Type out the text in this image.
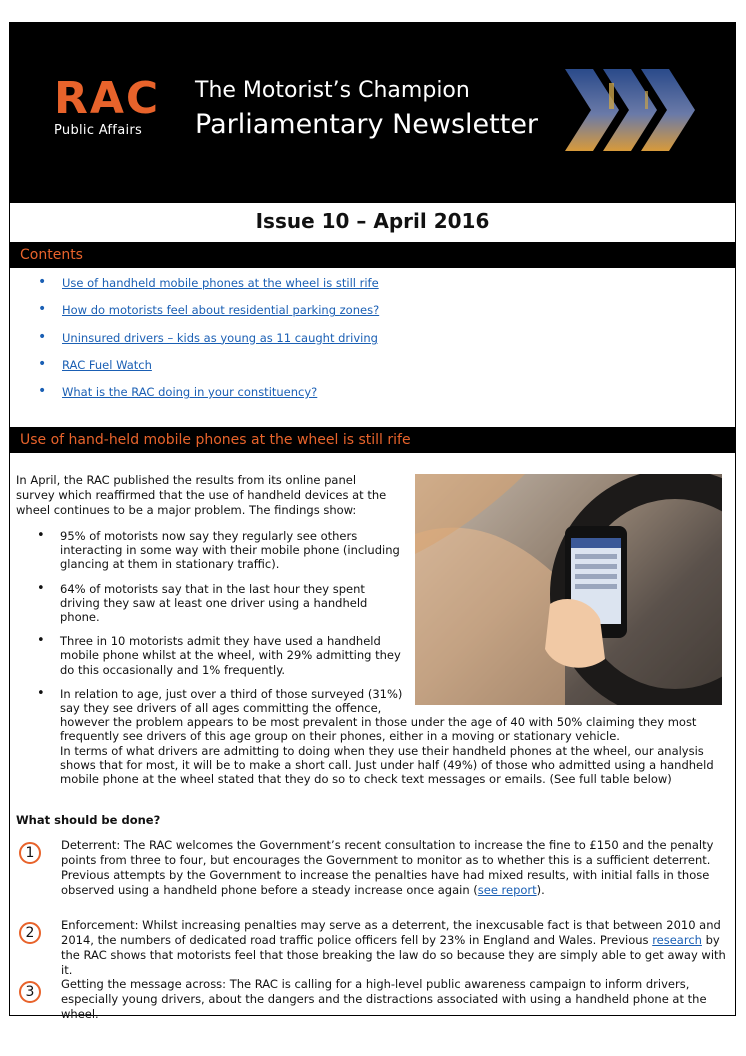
RAC
Public Affairs
The Motorist’s Champion
Parliamentary Newsletter
Issue 10 – April 2016
Contents
• Use of handheld mobile phones at the wheel is still rife
• How do motorists feel about residential parking zones?
• Uninsured drivers – kids as young as 11 caught driving
• RAC Fuel Watch
• What is the RAC doing in your constituency?
Use of hand-held mobile phones at the wheel is still rife
In April, the RAC published the results from its online panel survey which reaffirmed that the use of handheld devices at the wheel continues to be a major problem. The findings show:
• 95% of motorists now say they regularly see others interacting in some way with their mobile phone (including glancing at them in stationary traffic).
• 64% of motorists say that in the last hour they spent driving they saw at least one driver using a handheld phone.
• Three in 10 motorists admit they have used a handheld mobile phone whilst at the wheel, with 29% admitting they do this occasionally and 1% frequently.
• In relation to age, just over a third of those surveyed (31%) say they see drivers of all ages committing the offence,
however the problem appears to be most prevalent in those under the age of 40 with 50% claiming they most frequently see drivers of this age group on their phones, either in a moving or stationary vehicle.
In terms of what drivers are admitting to doing when they use their handheld phones at the wheel, our analysis shows that for most, it will be to make a short call. Just under half (49%) of those who admitted using a handheld mobile phone at the wheel stated that they do so to check text messages or emails. (See full table below)
What should be done?
1	Deterrent: The RAC welcomes the Government’s recent consultation to increase the fine to £150 and the penalty points from three to four, but encourages the Government to monitor as to whether this is a sufficient deterrent. Previous attempts by the Government to increase the penalties have had mixed results, with initial falls in those observed using a handheld phone before a steady increase once again (see report).
2	Enforcement: Whilst increasing penalties may serve as a deterrent, the inexcusable fact is that between 2010 and 2014, the numbers of dedicated road traffic police officers fell by 23% in England and Wales. Previous research by the RAC shows that motorists feel that those breaking the law do so because they are simply able to get away with it.
3	Getting the message across: The RAC is calling for a high-level public awareness campaign to inform drivers, especially young drivers, about the dangers and the distractions associated with using a handheld phone at the wheel.
